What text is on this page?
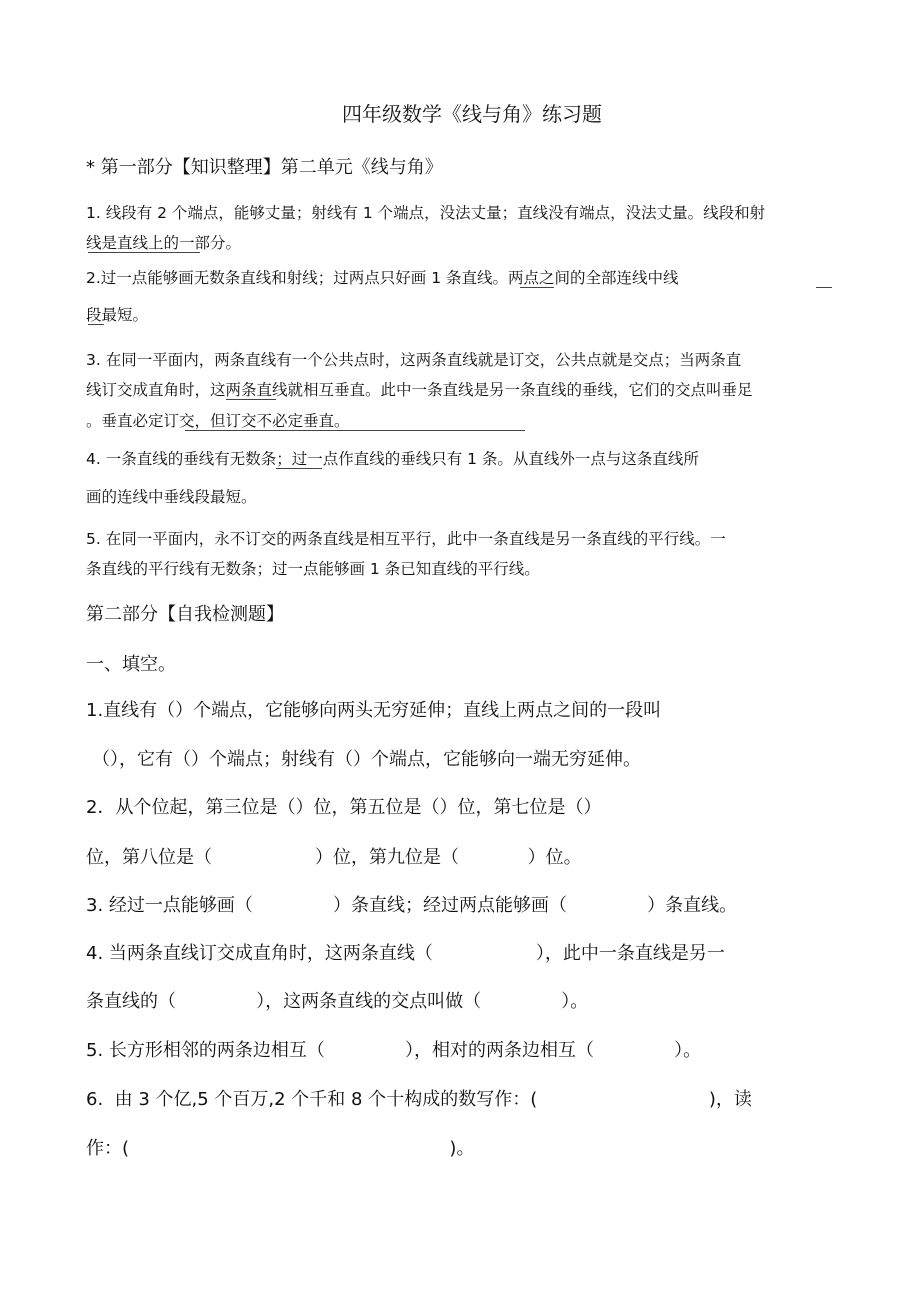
四年级数学《线与角》练习题
* 第一部分【知识整理】第二单元《线与角》
1. 线段有 2 个端点，能够丈量；射线有 1 个端点，没法丈量；直线没有端点，没法丈量。线段和射
线是直线上的一部分。
2.过一点能够画无数条直线和射线；过两点只好画 1 条直线。两点之间的全部连线中线
段最短。
3. 在同一平面内，两条直线有一个公共点时，这两条直线就是订交，公共点就是交点；当两条直
线订交成直角时，这两条直线就相互垂直。此中一条直线是另一条直线的垂线，它们的交点叫垂足
。垂直必定订交，但订交不必定垂直。
4. 一条直线的垂线有无数条；过一点作直线的垂线只有 1 条。从直线外一点与这条直线所
画的连线中垂线段最短。
5. 在同一平面内，永不订交的两条直线是相互平行，此中一条直线是另一条直线的平行线。一
条直线的平行线有无数条；过一点能够画 1 条已知直线的平行线。
第二部分【自我检测题】
一、填空。
1.直线有（）个端点，它能够向两头无穷延伸；直线上两点之间的一段叫
（），它有（）个端点；射线有（）个端点，它能够向一端无穷延伸。
2．从个位起，第三位是（）位，第五位是（）位，第七位是（）
位，第八位是（                  ）位，第九位是（            ）位。
3. 经过一点能够画（              ）条直线；经过两点能够画（              ）条直线。
4. 当两条直线订交成直角时，这两条直线（                  ），此中一条直线是另一
条直线的（              ），这两条直线的交点叫做（              ）。
5. 长方形相邻的两条边相互（              ），相对的两条边相互（              ）。
6.  由 3 个亿,5 个百万,2 个千和 8 个十构成的数写作：(                              )，读
作：(                                                        )。
